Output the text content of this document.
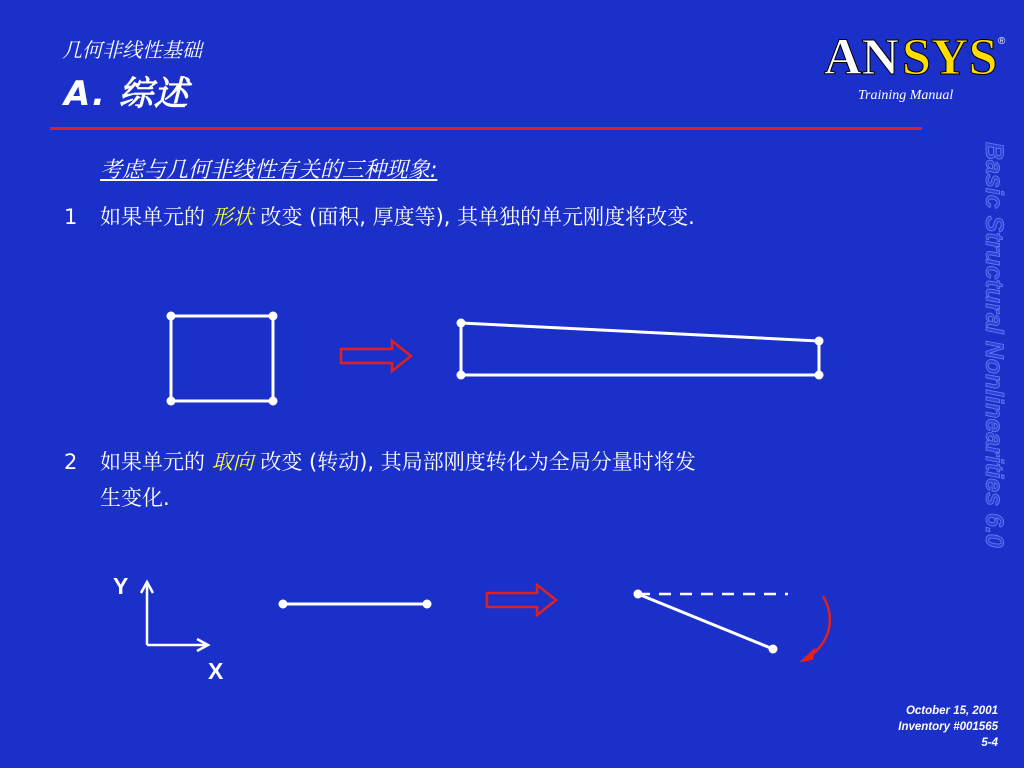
几何非线性基础
A. 综述
AN SYS ®
Training Manual
Basic Structural Nonlinearities 6.0
考虑与几何非线性有关的三种现象:
1 如果单元的 形状 改变 (面积, 厚度等), 其单独的单元刚度将改变.
2 如果单元的 取向 改变 (转动), 其局部刚度转化为全局分量时将发
生变化.
Y
X
October 15, 2001
Inventory #001565
5-4
